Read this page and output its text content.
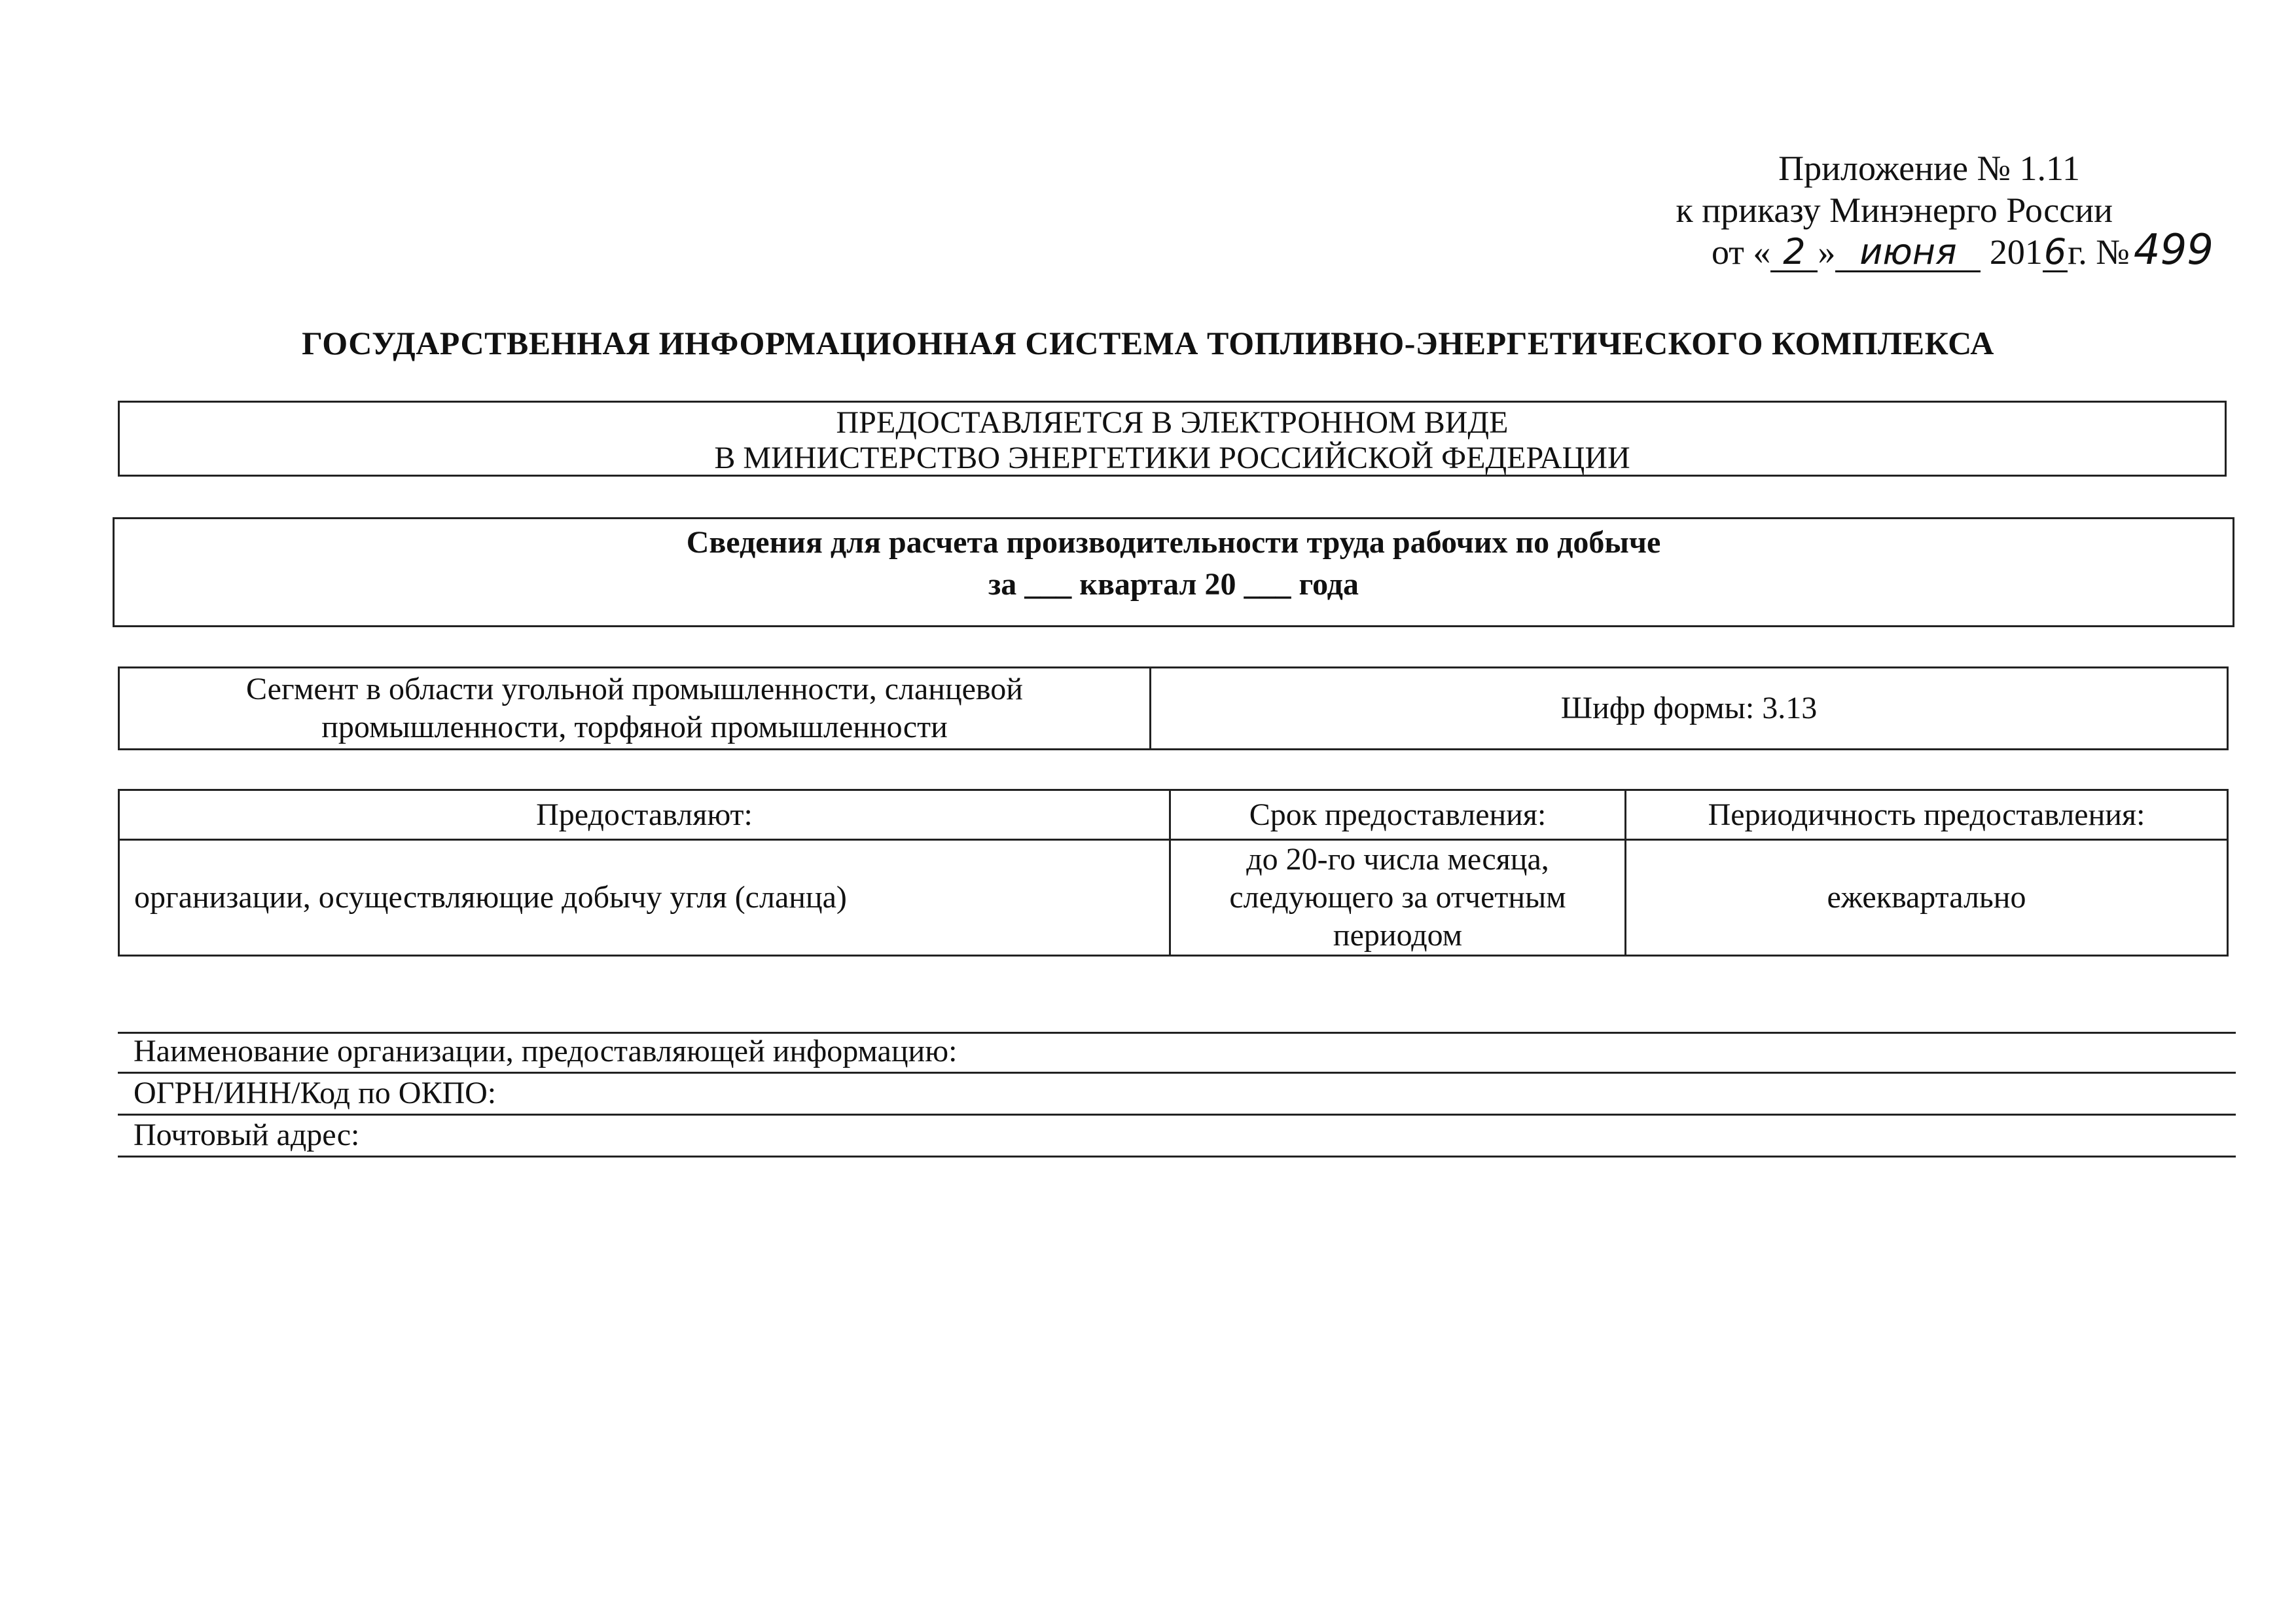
Приложение № 1.11
к приказу Минэнерго России
от « 2 » июня 2016г. №499
ГОСУДАРСТВЕННАЯ ИНФОРМАЦИОННАЯ СИСТЕМА ТОПЛИВНО-ЭНЕРГЕТИЧЕСКОГО КОМПЛЕКСА
ПРЕДОСТАВЛЯЕТСЯ В ЭЛЕКТРОННОМ ВИДЕ
В МИНИСТЕРСТВО ЭНЕРГЕТИКИ РОССИЙСКОЙ ФЕДЕРАЦИИ
Сведения для расчета производительности труда рабочих по добыче
за ___ квартал 20 ___ года
Сегмент в области угольной промышленности, сланцевой
промышленности, торфяной промышленности
	Шифр формы: 3.13
Предоставляют:	Срок предоставления:	Периодичность предоставления:
организации, осуществляющие добычу угля (сланца)	до 20-го числа месяца,
следующего за отчетным
периодом	ежеквартально
Наименование организации, предоставляющей информацию:
ОГРН/ИНН/Код по ОКПО:
Почтовый адрес:
